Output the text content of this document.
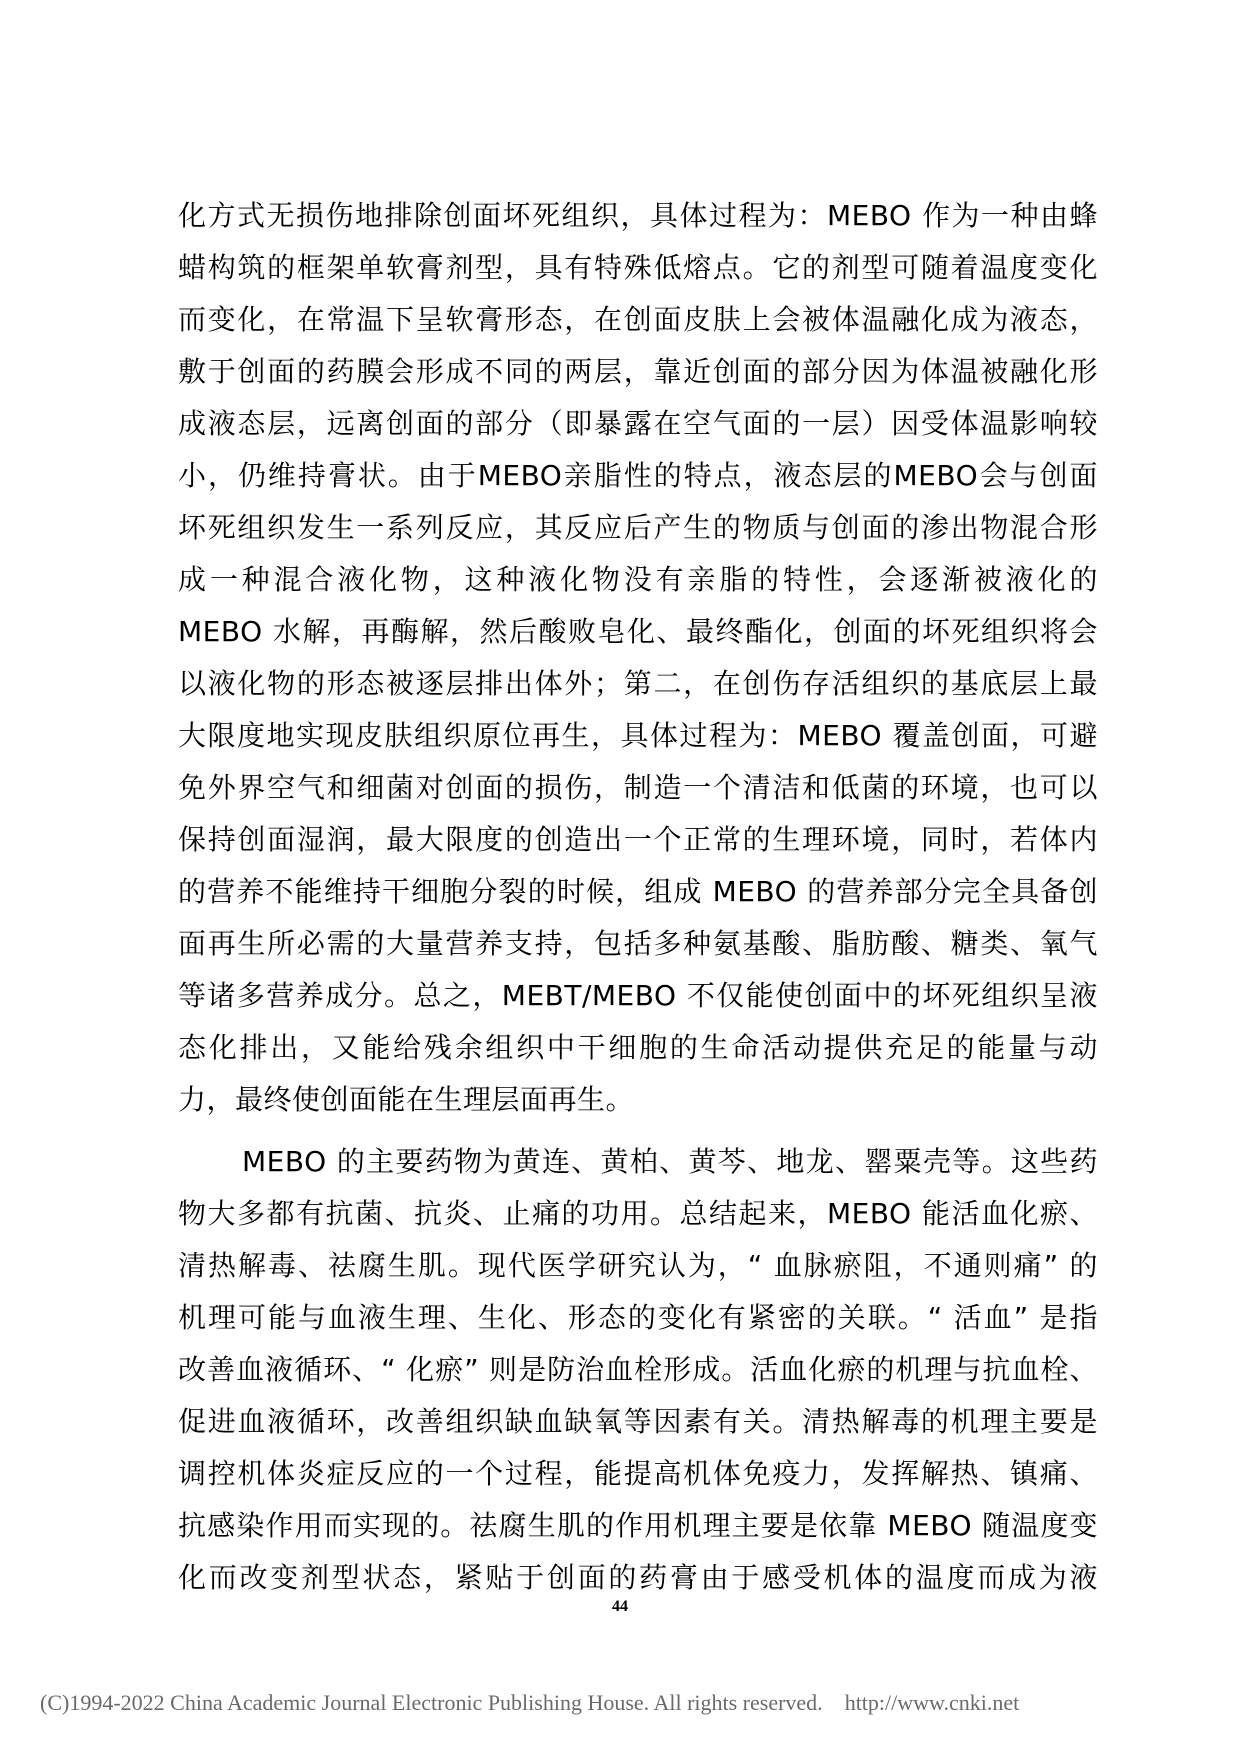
化方式无损伤地排除创面坏死组织，具体过程为：MEBO 作为一种由蜂
蜡构筑的框架单软膏剂型，具有特殊低熔点。它的剂型可随着温度变化
而变化，在常温下呈软膏形态，在创面皮肤上会被体温融化成为液态，
敷于创面的药膜会形成不同的两层，靠近创面的部分因为体温被融化形
成液态层，远离创面的部分（即暴露在空气面的一层）因受体温影响较
小，仍维持膏状。由于MEBO亲脂性的特点，液态层的MEBO会与创面
坏死组织发生一系列反应，其反应后产生的物质与创面的渗出物混合形
成一种混合液化物，这种液化物没有亲脂的特性，会逐渐被液化的
MEBO 水解，再酶解，然后酸败皂化、最终酯化，创面的坏死组织将会
以液化物的形态被逐层排出体外；第二，在创伤存活组织的基底层上最
大限度地实现皮肤组织原位再生，具体过程为：MEBO 覆盖创面，可避
免外界空气和细菌对创面的损伤，制造一个清洁和低菌的环境，也可以
保持创面湿润，最大限度的创造出一个正常的生理环境，同时，若体内
的营养不能维持干细胞分裂的时候，组成 MEBO 的营养部分完全具备创
面再生所必需的大量营养支持，包括多种氨基酸、脂肪酸、糖类、氧气
等诸多营养成分。总之，MEBT/MEBO 不仅能使创面中的坏死组织呈液
态化排出，又能给残余组织中干细胞的生命活动提供充足的能量与动
力，最终使创面能在生理层面再生。
MEBO 的主要药物为黄连、黄柏、黄芩、地龙、罂粟壳等。这些药
物大多都有抗菌、抗炎、止痛的功用。总结起来，MEBO 能活血化瘀、
清热解毒、祛腐生肌。现代医学研究认为，“ 血脉瘀阻，不通则痛” 的
机理可能与血液生理、生化、形态的变化有紧密的关联。“ 活血” 是指
改善血液循环、“ 化瘀” 则是防治血栓形成。活血化瘀的机理与抗血栓、
促进血液循环，改善组织缺血缺氧等因素有关。清热解毒的机理主要是
调控机体炎症反应的一个过程，能提高机体免疫力，发挥解热、镇痛、
抗感染作用而实现的。祛腐生肌的作用机理主要是依靠 MEBO 随温度变
化而改变剂型状态，紧贴于创面的药膏由于感受机体的温度而成为液
44
(C)1994-2022 China Academic Journal Electronic Publishing House. All rights reserved. http://www.cnki.net
